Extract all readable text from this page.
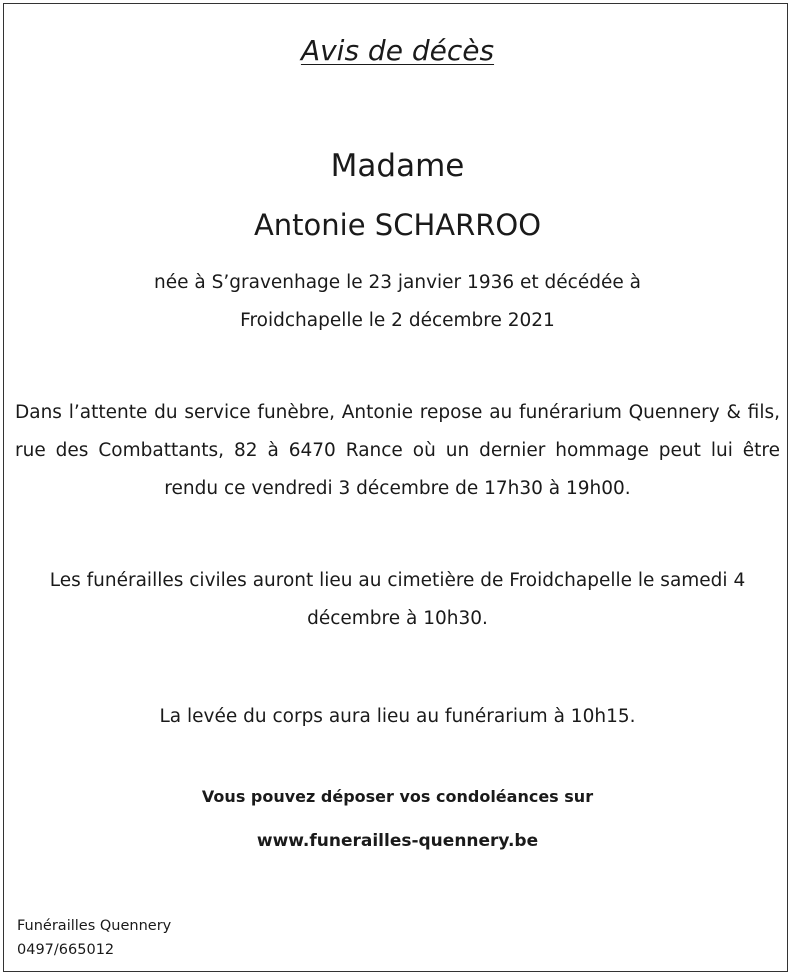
Avis de décès
Madame
Antonie SCHARROO
née à S’gravenhage le 23 janvier 1936 et décédée à Froidchapelle le 2 décembre 2021
Dans l’attente du service funèbre, Antonie repose au funérarium Quennery & fils, rue des Combattants, 82 à 6470 Rance où un dernier hommage peut lui être rendu ce vendredi 3 décembre de 17h30 à 19h00.
Les funérailles civiles auront lieu au cimetière de Froidchapelle le samedi 4 décembre à 10h30.
La levée du corps aura lieu au funérarium à 10h15.
Vous pouvez déposer vos condoléances sur
www.funerailles-quennery.be
Funérailles Quennery
0497/665012
